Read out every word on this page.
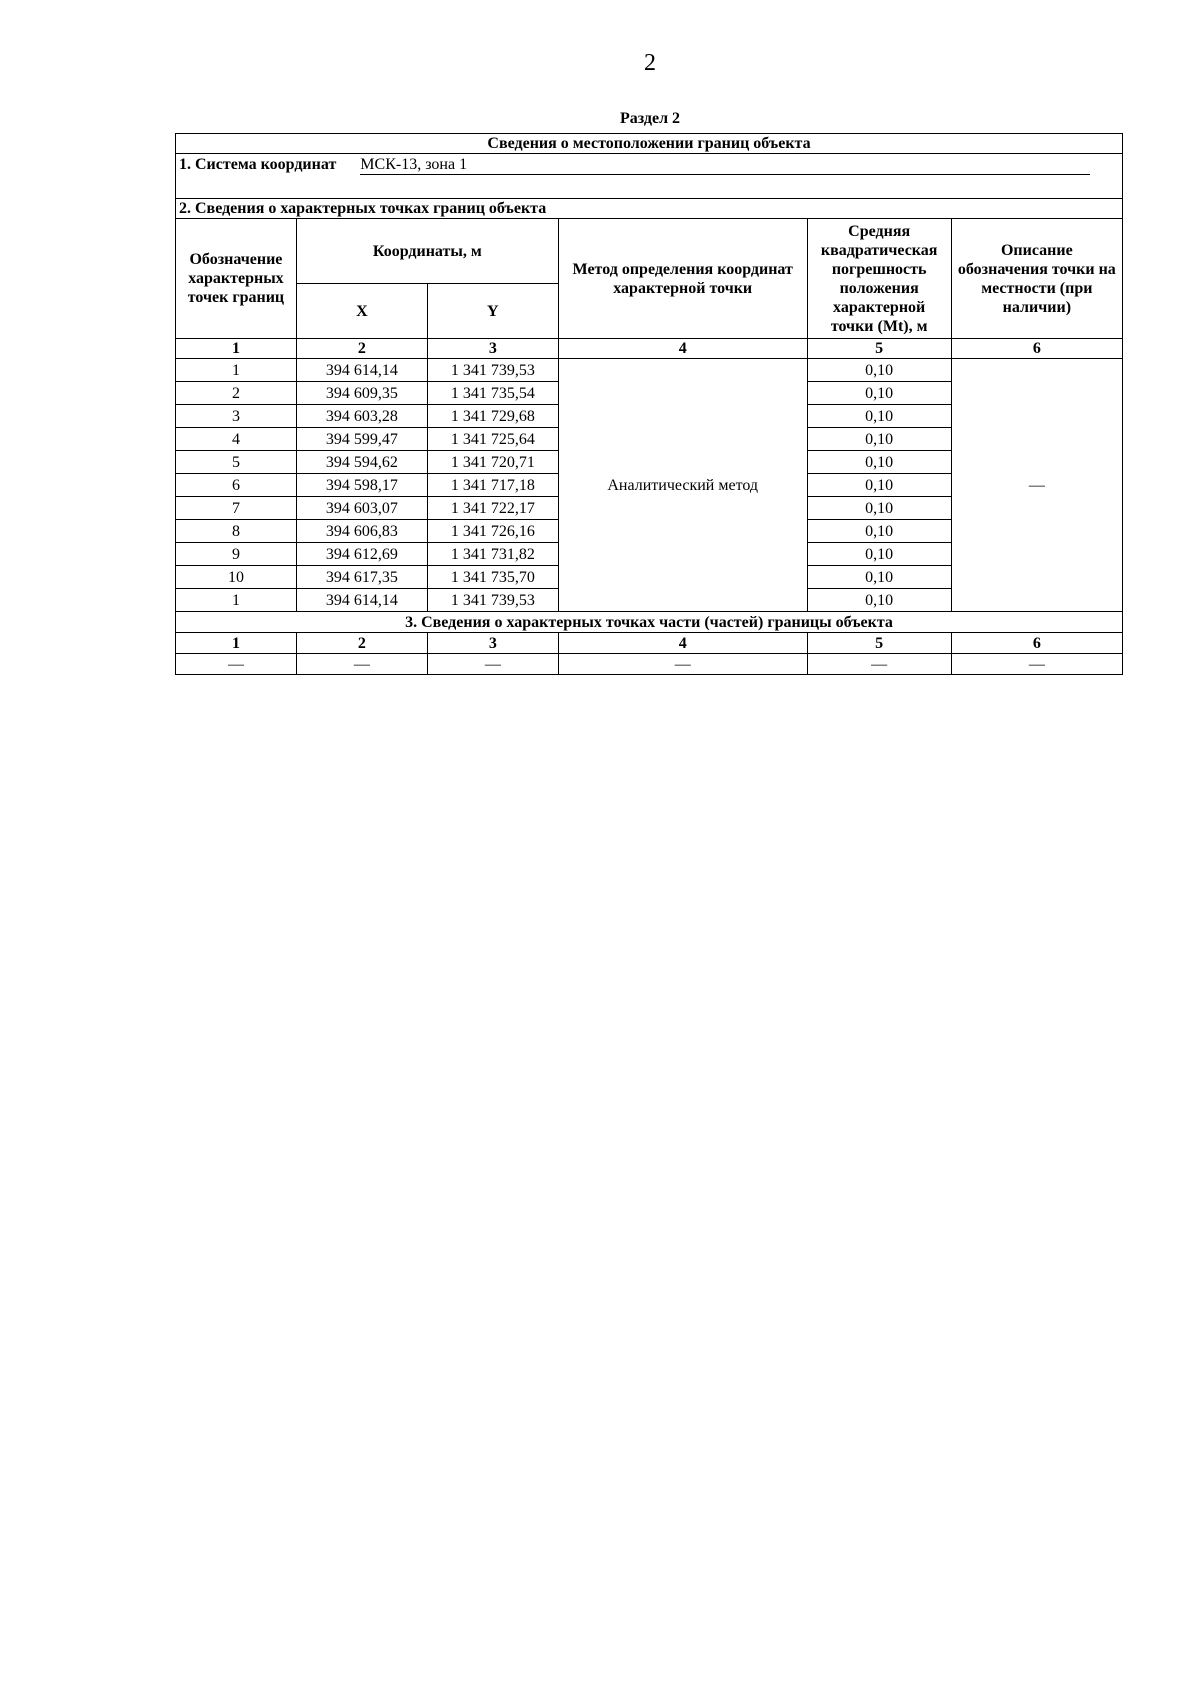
2
Раздел 2
Сведения о местоположении границ объекта					
1. Система координат МСК-13, зона 1					

2. Сведения о характерных точках границ объекта					
Обозначение характерных точек границ	Координаты, м		Метод определения координат характерной точки	Средняя квадратическая погрешность положения характерной точки (Mt), м	Описание обозначения точки на местности (при наличии)
	X	Y			
1	2	3	4	5	6
1	394 614,14	1 341 739,53	Аналитический метод	0,10	—
2	394 609,35	1 341 735,54		0,10	
3	394 603,28	1 341 729,68		0,10	
4	394 599,47	1 341 725,64		0,10	
5	394 594,62	1 341 720,71		0,10	
6	394 598,17	1 341 717,18		0,10	
7	394 603,07	1 341 722,17		0,10	
8	394 606,83	1 341 726,16		0,10	
9	394 612,69	1 341 731,82		0,10	
10	394 617,35	1 341 735,70		0,10	
1	394 614,14	1 341 739,53		0,10	
3. Сведения о характерных точках части (частей) границы объекта					
1	2	3	4	5	6
—	—	—	—	—	—
